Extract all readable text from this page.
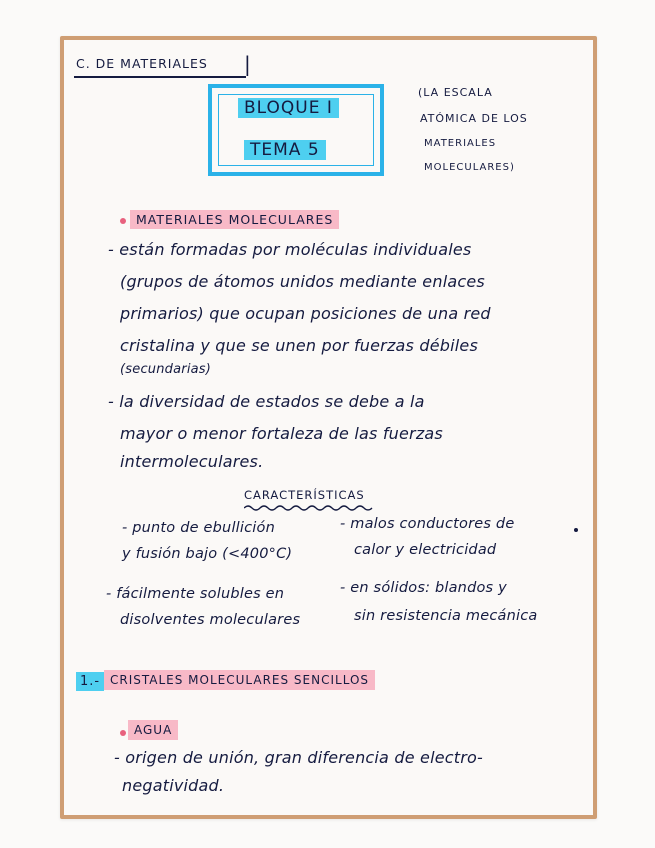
C. DE MATERIALES |
BLOQUE I
TEMA 5
(LA ESCALA
ATÓMICA DE LOS
MATERIALES
MOLECULARES)
MATERIALES MOLECULARES
- están formadas por moléculas individuales
(grupos de átomos unidos mediante enlaces
primarios) que ocupan posiciones de una red
cristalina y que se unen por fuerzas débiles
(secundarias)
- la diversidad de estados se debe a la
mayor o menor fortaleza de las fuerzas
intermoleculares.
CARACTERÍSTICAS
- punto de ebullición
y fusión bajo (<400°C)
- fácilmente solubles en
disolventes moleculares
- malos conductores de
calor y electricidad
- en sólidos: blandos y
sin resistencia mecánica
1.- CRISTALES MOLECULARES SENCILLOS
AGUA
- origen de unión, gran diferencia de electro-
negatividad.
